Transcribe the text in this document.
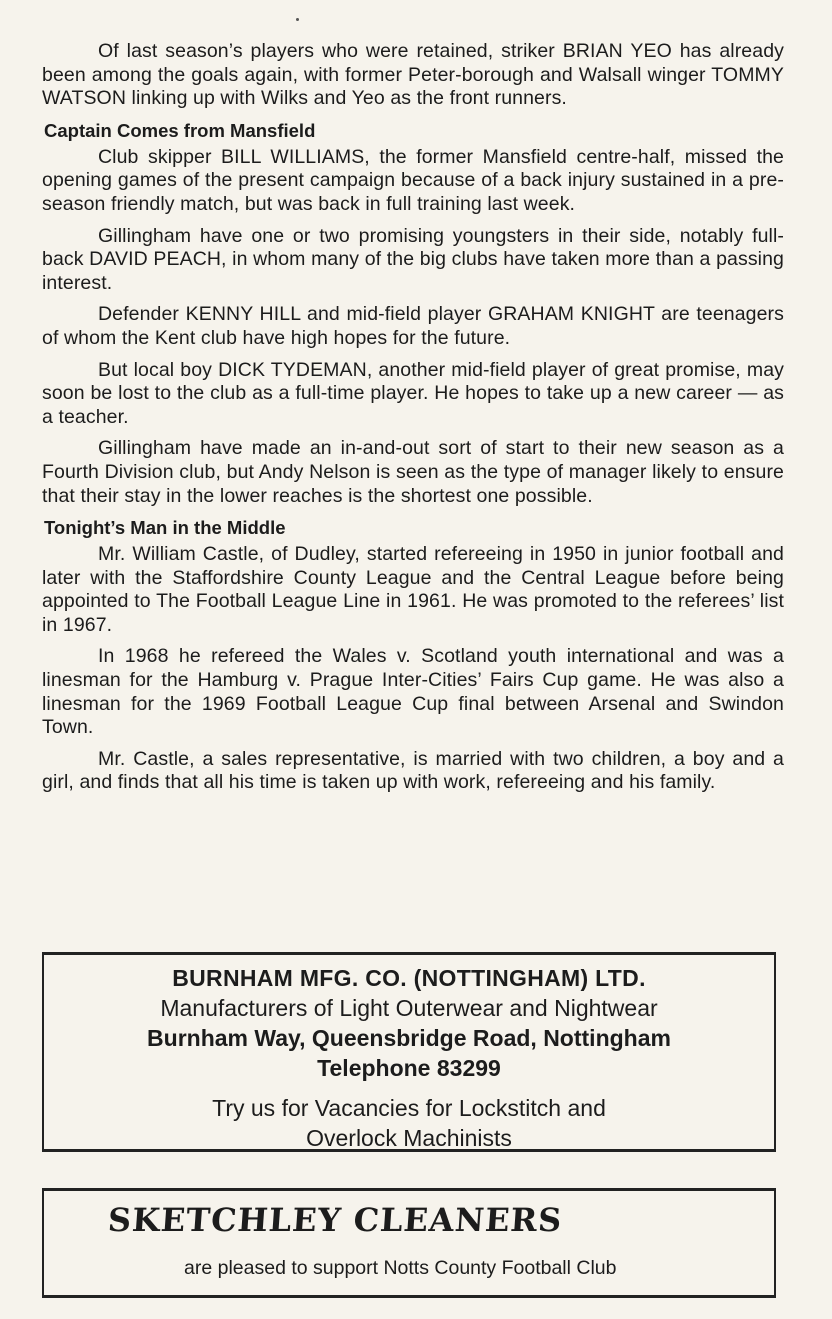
Of last season’s players who were retained, striker BRIAN YEO has already been among the goals again, with former Peter-borough and Walsall winger TOMMY WATSON linking up with Wilks and Yeo as the front runners.

Captain Comes from Mansfield

Club skipper BILL WILLIAMS, the former Mansfield centre-half, missed the opening games of the present campaign because of a back injury sustained in a pre-season friendly match, but was back in full training last week.

Gillingham have one or two promising youngsters in their side, notably full-back DAVID PEACH, in whom many of the big clubs have taken more than a passing interest.

Defender KENNY HILL and mid-field player GRAHAM KNIGHT are teenagers of whom the Kent club have high hopes for the future.

But local boy DICK TYDEMAN, another mid-field player of great promise, may soon be lost to the club as a full-time player. He hopes to take up a new career — as a teacher.

Gillingham have made an in-and-out sort of start to their new season as a Fourth Division club, but Andy Nelson is seen as the type of manager likely to ensure that their stay in the lower reaches is the shortest one possible.

Tonight’s Man in the Middle

Mr. William Castle, of Dudley, started refereeing in 1950 in junior football and later with the Staffordshire County League and the Central League before being appointed to The Football League Line in 1961. He was promoted to the referees’ list in 1967.

In 1968 he refereed the Wales v. Scotland youth international and was a linesman for the Hamburg v. Prague Inter-Cities’ Fairs Cup game. He was also a linesman for the 1969 Football League Cup final between Arsenal and Swindon Town.

Mr. Castle, a sales representative, is married with two children, a boy and a girl, and finds that all his time is taken up with work, refereeing and his family.

BURNHAM MFG. CO. (NOTTINGHAM) LTD.
Manufacturers of Light Outerwear and Nightwear
Burnham Way, Queensbridge Road, Nottingham
Telephone 83299
Try us for Vacancies for Lockstitch and
Overlock Machinists
SKETCHLEY CLEANERS
are pleased to support Notts County Football Club
